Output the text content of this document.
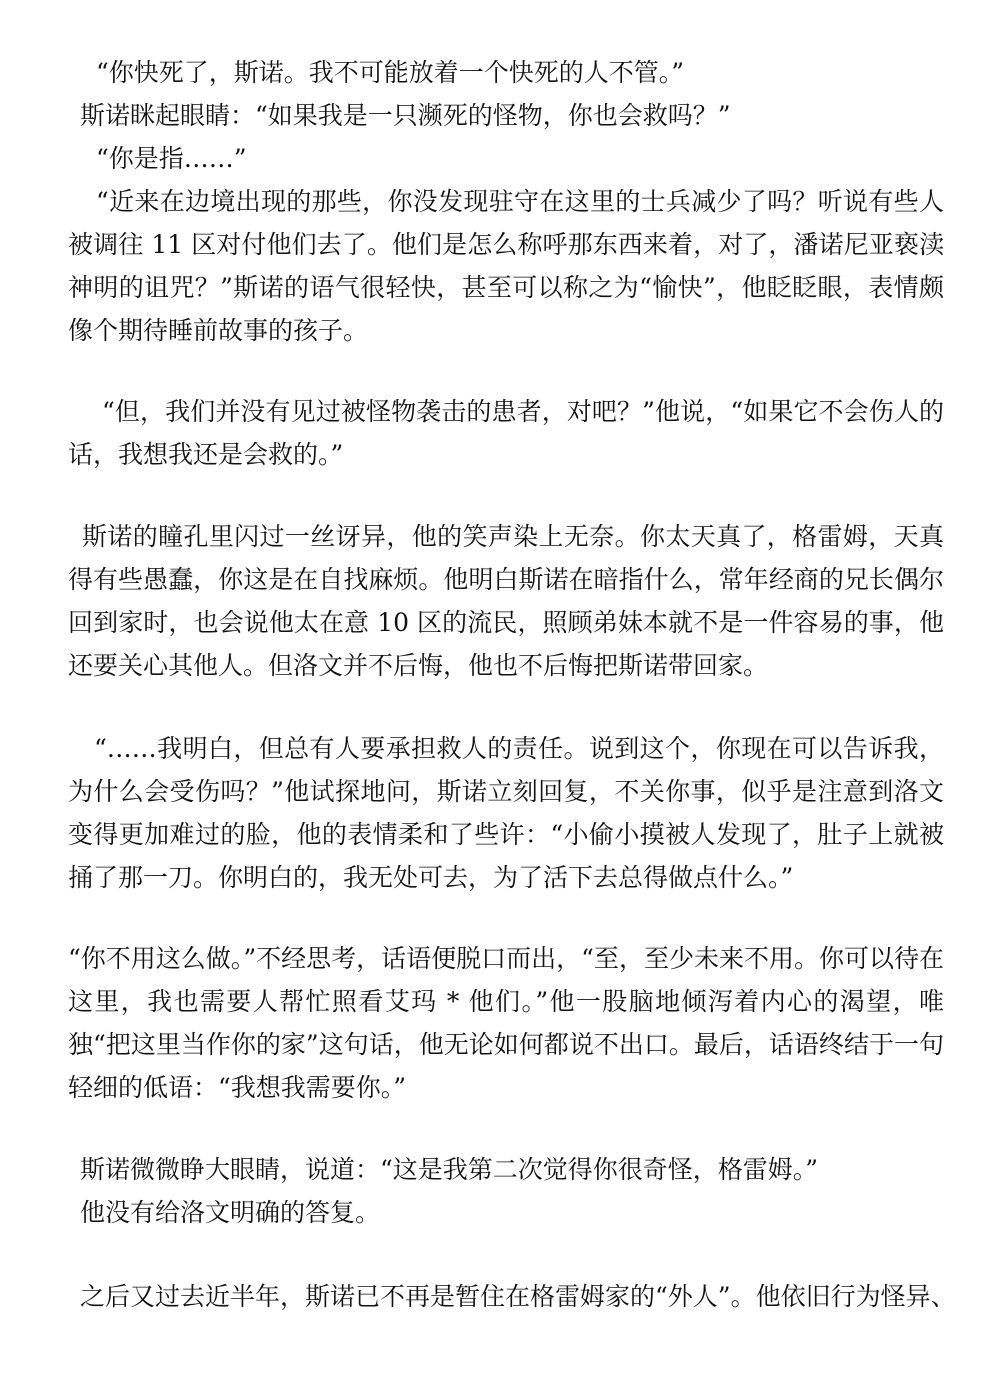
“你快死了，斯诺。我不可能放着一个快死的人不管。”
斯诺眯起眼睛：“如果我是一只濒死的怪物，你也会救吗？”
“你是指……”
“近来在边境出现的那些，你没发现驻守在这里的士兵减少了吗？听说有些人被调往 11 区对付他们去了。他们是怎么称呼那东西来着，对了，潘诺尼亚亵渎神明的诅咒？”斯诺的语气很轻快，甚至可以称之为“愉快”，他眨眨眼，表情颇像个期待睡前故事的孩子。
“但，我们并没有见过被怪物袭击的患者，对吧？”他说，“如果它不会伤人的话，我想我还是会救的。”
斯诺的瞳孔里闪过一丝讶异，他的笑声染上无奈。你太天真了，格雷姆，天真得有些愚蠢，你这是在自找麻烦。他明白斯诺在暗指什么，常年经商的兄长偶尔回到家时，也会说他太在意 10 区的流民，照顾弟妹本就不是一件容易的事，他还要关心其他人。但洛文并不后悔，他也不后悔把斯诺带回家。
“……我明白，但总有人要承担救人的责任。说到这个，你现在可以告诉我，为什么会受伤吗？”他试探地问，斯诺立刻回复，不关你事，似乎是注意到洛文变得更加难过的脸，他的表情柔和了些许：“小偷小摸被人发现了，肚子上就被捅了那一刀。你明白的，我无处可去，为了活下去总得做点什么。”
“你不用这么做。”不经思考，话语便脱口而出，“至，至少未来不用。你可以待在这里，我也需要人帮忙照看艾玛 * 他们。”他一股脑地倾泻着内心的渴望，唯独“把这里当作你的家”这句话，他无论如何都说不出口。最后，话语终结于一句轻细的低语：“我想我需要你。”
斯诺微微睁大眼睛，说道：“这是我第二次觉得你很奇怪，格雷姆。”
他没有给洛文明确的答复。
之后又过去近半年，斯诺已不再是暂住在格雷姆家的“外人”。他依旧行为怪异、
